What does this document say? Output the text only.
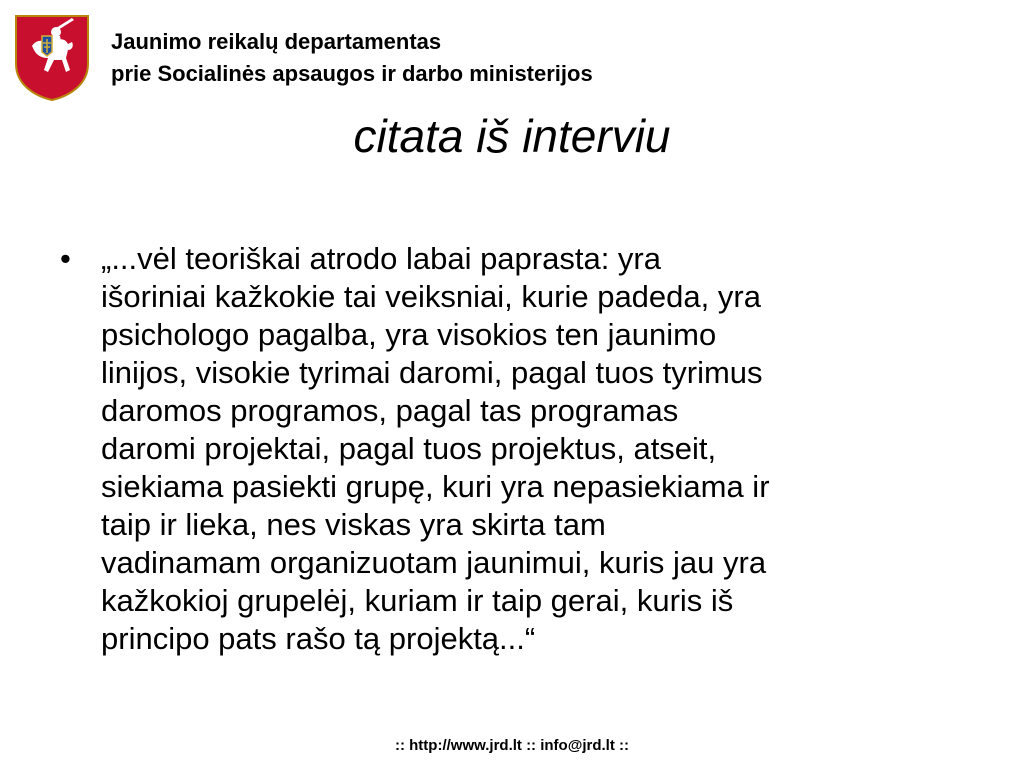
Jaunimo reikalų departamentas
prie Socialinės apsaugos ir darbo ministerijos
citata iš interviu
• „...vėl teoriškai atrodo labai paprasta: yra
išoriniai kažkokie tai veiksniai, kurie padeda, yra
psichologo pagalba, yra visokios ten jaunimo
linijos, visokie tyrimai daromi, pagal tuos tyrimus
daromos programos, pagal tas programas
daromi projektai, pagal tuos projektus, atseit,
siekiama pasiekti grupę, kuri yra nepasiekiama ir
taip ir lieka, nes viskas yra skirta tam
vadinamam organizuotam jaunimui, kuris jau yra
kažkokioj grupelėj, kuriam ir taip gerai, kuris iš
principo pats rašo tą projektą...“
:: http://www.jrd.lt :: info@jrd.lt ::
